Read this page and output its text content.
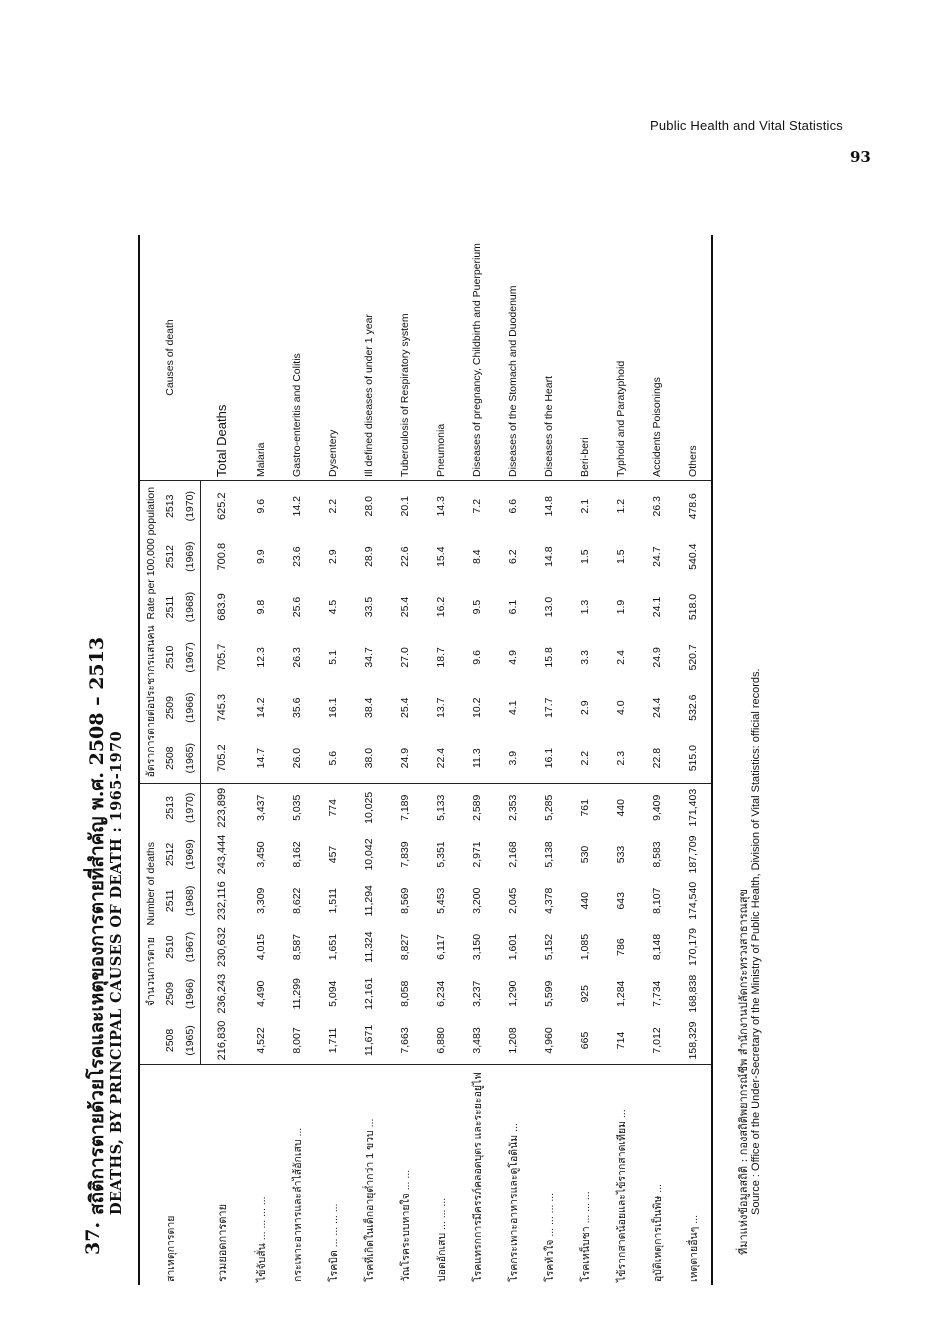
Public Health and Vital Statistics
93
37.
สถิติการตายด้วยโรคและเหตุของการตายที่สำคัญ พ.ศ. 2508 – 2513 DEATHS, BY PRINCIPAL CAUSES OF DEATH : 1965-1970
สาเหตุการตาย	จำนวนการตาย    Number of deaths						อัตราการตายต่อประชากรแสนคน  Rate per 100,000 population						Causes of death
	2508	2509	2510	2511	2512	2513	2508	2509	2510	2511	2512	2513	
	(1965)	(1966)	(1967)	(1968)	(1969)	(1970)	(1965)	(1966)	(1967)	(1968)	(1969)	(1970)	
รวมยอดการตาย	216,830	236,243	230,632	232,116	243,444	223,899	705.2	745.3	705.7	683.9	700.8	625.2	Total Deaths
ไข้จับสั่น ... ... ... ...	4,522	4,490	4,015	3,309	3,450	3,437	14.7	14.2	12.3	9.8	9.9	9.6	Malaria
กระเพาะอาหารและลำไส้อักเสบ ...	8,007	11,299	8,587	8,622	8,162	5,035	26.0	35.6	26.3	25.6	23.6	14.2	Gastro-enteritis and Colitis
โรคบิด ... ... ... ...	1,711	5,094	1,651	1,511	457	774	5.6	16.1	5.1	4.5	2.9	2.2	Dysentery
โรคที่เกิดในเด็กอายุต่ำกว่า 1 ขวบ ...	11,671	12,161	11,324	11,294	10,042	10,025	38.0	38.4	34.7	33.5	28.9	28.0	Ill defined diseases of under 1 year
วัณโรคระบบหายใจ ... ...	7,663	8,058	8,827	8,569	7,839	7,189	24.9	25.4	27.0	25.4	22.6	20.1	Tuberculosis of Respiratory system
ปอดอักเสบ ... ... ...	6,880	6,234	6,117	5,453	5,351	5,133	22.4	13.7	18.7	16.2	15.4	14.3	Pneumonia
โรคแทรกการมีครรภ์คลอดบุตร และระยะอยู่ไฟ	3,483	3,237	3,150	3,200	2,971	2,589	11.3	10.2	9.6	9.5	8.4	7.2	Diseases of pregnancy, Childbirth and Puerperium
โรคกระเพาะอาหารและดูโอดินัม ...	1,208	1,290	1,601	2,045	2,168	2,353	3.9	4.1	4.9	6.1	6.2	6.6	Diseases of the Stomach and Duodenum
โรคหัวใจ ... ... ... ...	4,960	5,599	5,152	4,378	5,138	5,285	16.1	17.7	15.8	13.0	14.8	14.8	Diseases of the Heart
โรคเหน็บชา ... ... ...	665	925	1,085	440	530	761	2.2	2.9	3.3	1.3	1.5	2.1	Beri-beri
ไข้รากสาดน้อยและไข้รากสาดเทียม ...	714	1,284	786	643	533	440	2.3	4.0	2.4	1.9	1.5	1.2	Typhoid and Paratyphoid
อุบัติเหตุการเป็นพิษ ...	7,012	7,734	8,148	8,107	8,583	9,409	22.8	24.4	24.9	24.1	24.7	26.3	Accidents Poisonings
เหตุตายอื่นๆ ...	158,329	168,838	170,179	174,540	187,709	171,403	515.0	532.6	520.7	518.0	540.4	478.6	Others
ที่มาแห่งข้อมูลสถิติ : กองสถิติพยากรณ์ชีพ สำนักงานปลัดกระทรวงสาธารณสุข Source : Office of the Under-Secretary of the Ministry of Public Health, Division of Vital Statistics: official records.
